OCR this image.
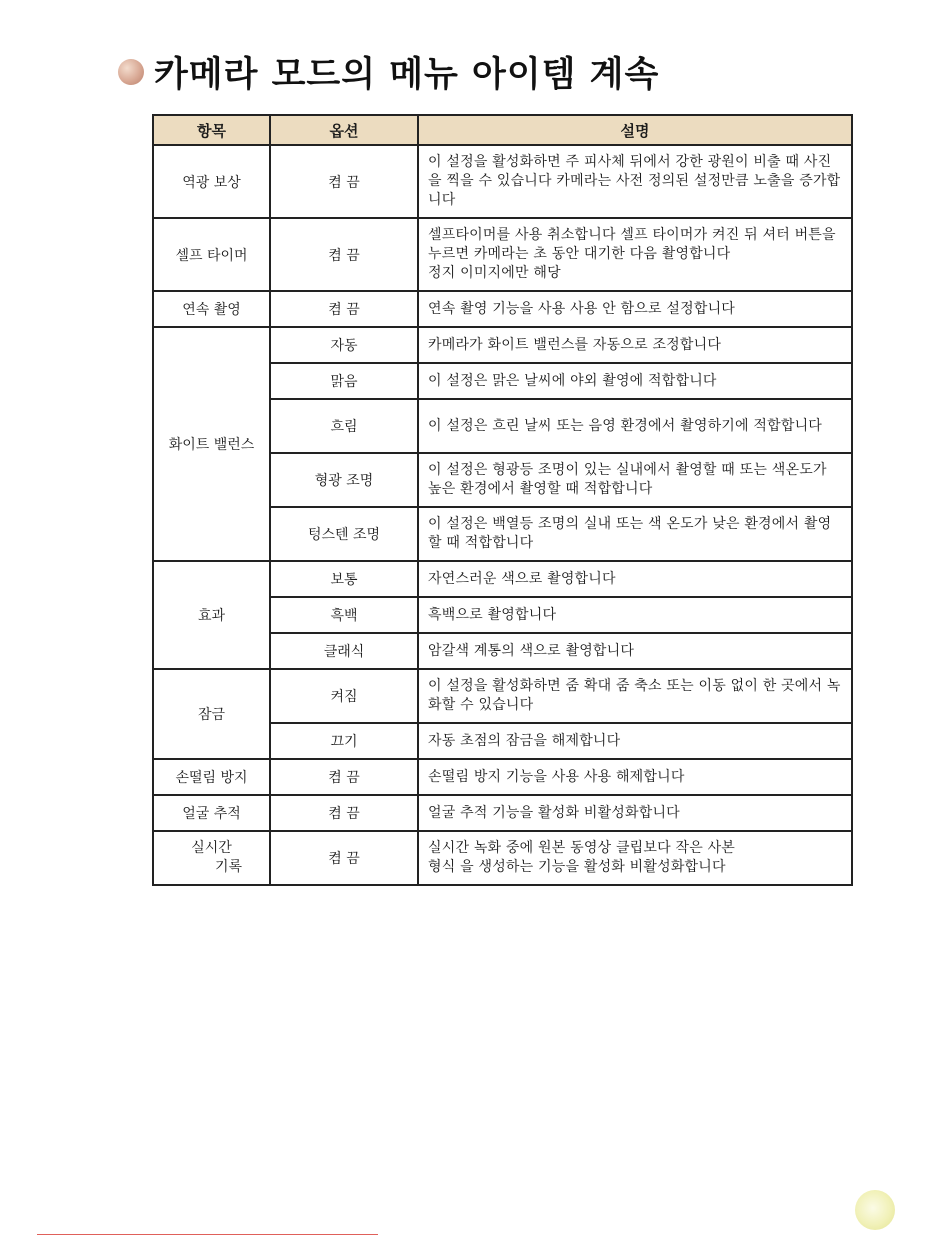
카메라 모드의 메뉴 아이템 계속
항목	옵션	설명
역광 보상	켬 끔	이 설정을 활성화하면 주 피사체 뒤에서 강한 광원이 비출 때 사진을 찍을 수 있습니다 카메라는 사전 정의된 설정만큼 노출을 증가합니다
셀프 타이머	켬 끔	셀프타이머를 사용 취소합니다 셀프 타이머가 켜진 뒤 셔터 버튼을 누르면 카메라는 초 동안 대기한 다음 촬영합니다
정지 이미지에만 해당
연속 촬영	켬 끔	연속 촬영 기능을 사용 사용 안 함으로 설정합니다
화이트 밸런스	자동	카메라가 화이트 밸런스를 자동으로 조정합니다
	맑음	이 설정은 맑은 날씨에 야외 촬영에 적합합니다
	흐림	이 설정은 흐린 날씨 또는 음영 환경에서 촬영하기에 적합합니다
	형광 조명	이 설정은 형광등 조명이 있는 실내에서 촬영할 때 또는 색온도가 높은 환경에서 촬영할 때 적합합니다
	텅스텐 조명	이 설정은 백열등 조명의 실내 또는 색 온도가 낮은 환경에서 촬영할 때 적합합니다
효과	보통	자연스러운 색으로 촬영합니다
	흑백	흑백으로 촬영합니다
	클래식	암갈색 계통의 색으로 촬영합니다
잠금	켜짐	이 설정을 활성화하면 줌 확대 줌 축소 또는 이동 없이 한 곳에서 녹화할 수 있습니다
	끄기	자동 초점의 잠금을 해제합니다
손떨림 방지	켬 끔	손떨림 방지 기능을 사용 사용 해제합니다
얼굴 추적	켬 끔	얼굴 추적 기능을 활성화 비활성화합니다
실시간
기록	켬 끔	실시간 녹화 중에 원본 동영상 클립보다 작은 사본
형식 을 생성하는 기능을 활성화 비활성화합니다
